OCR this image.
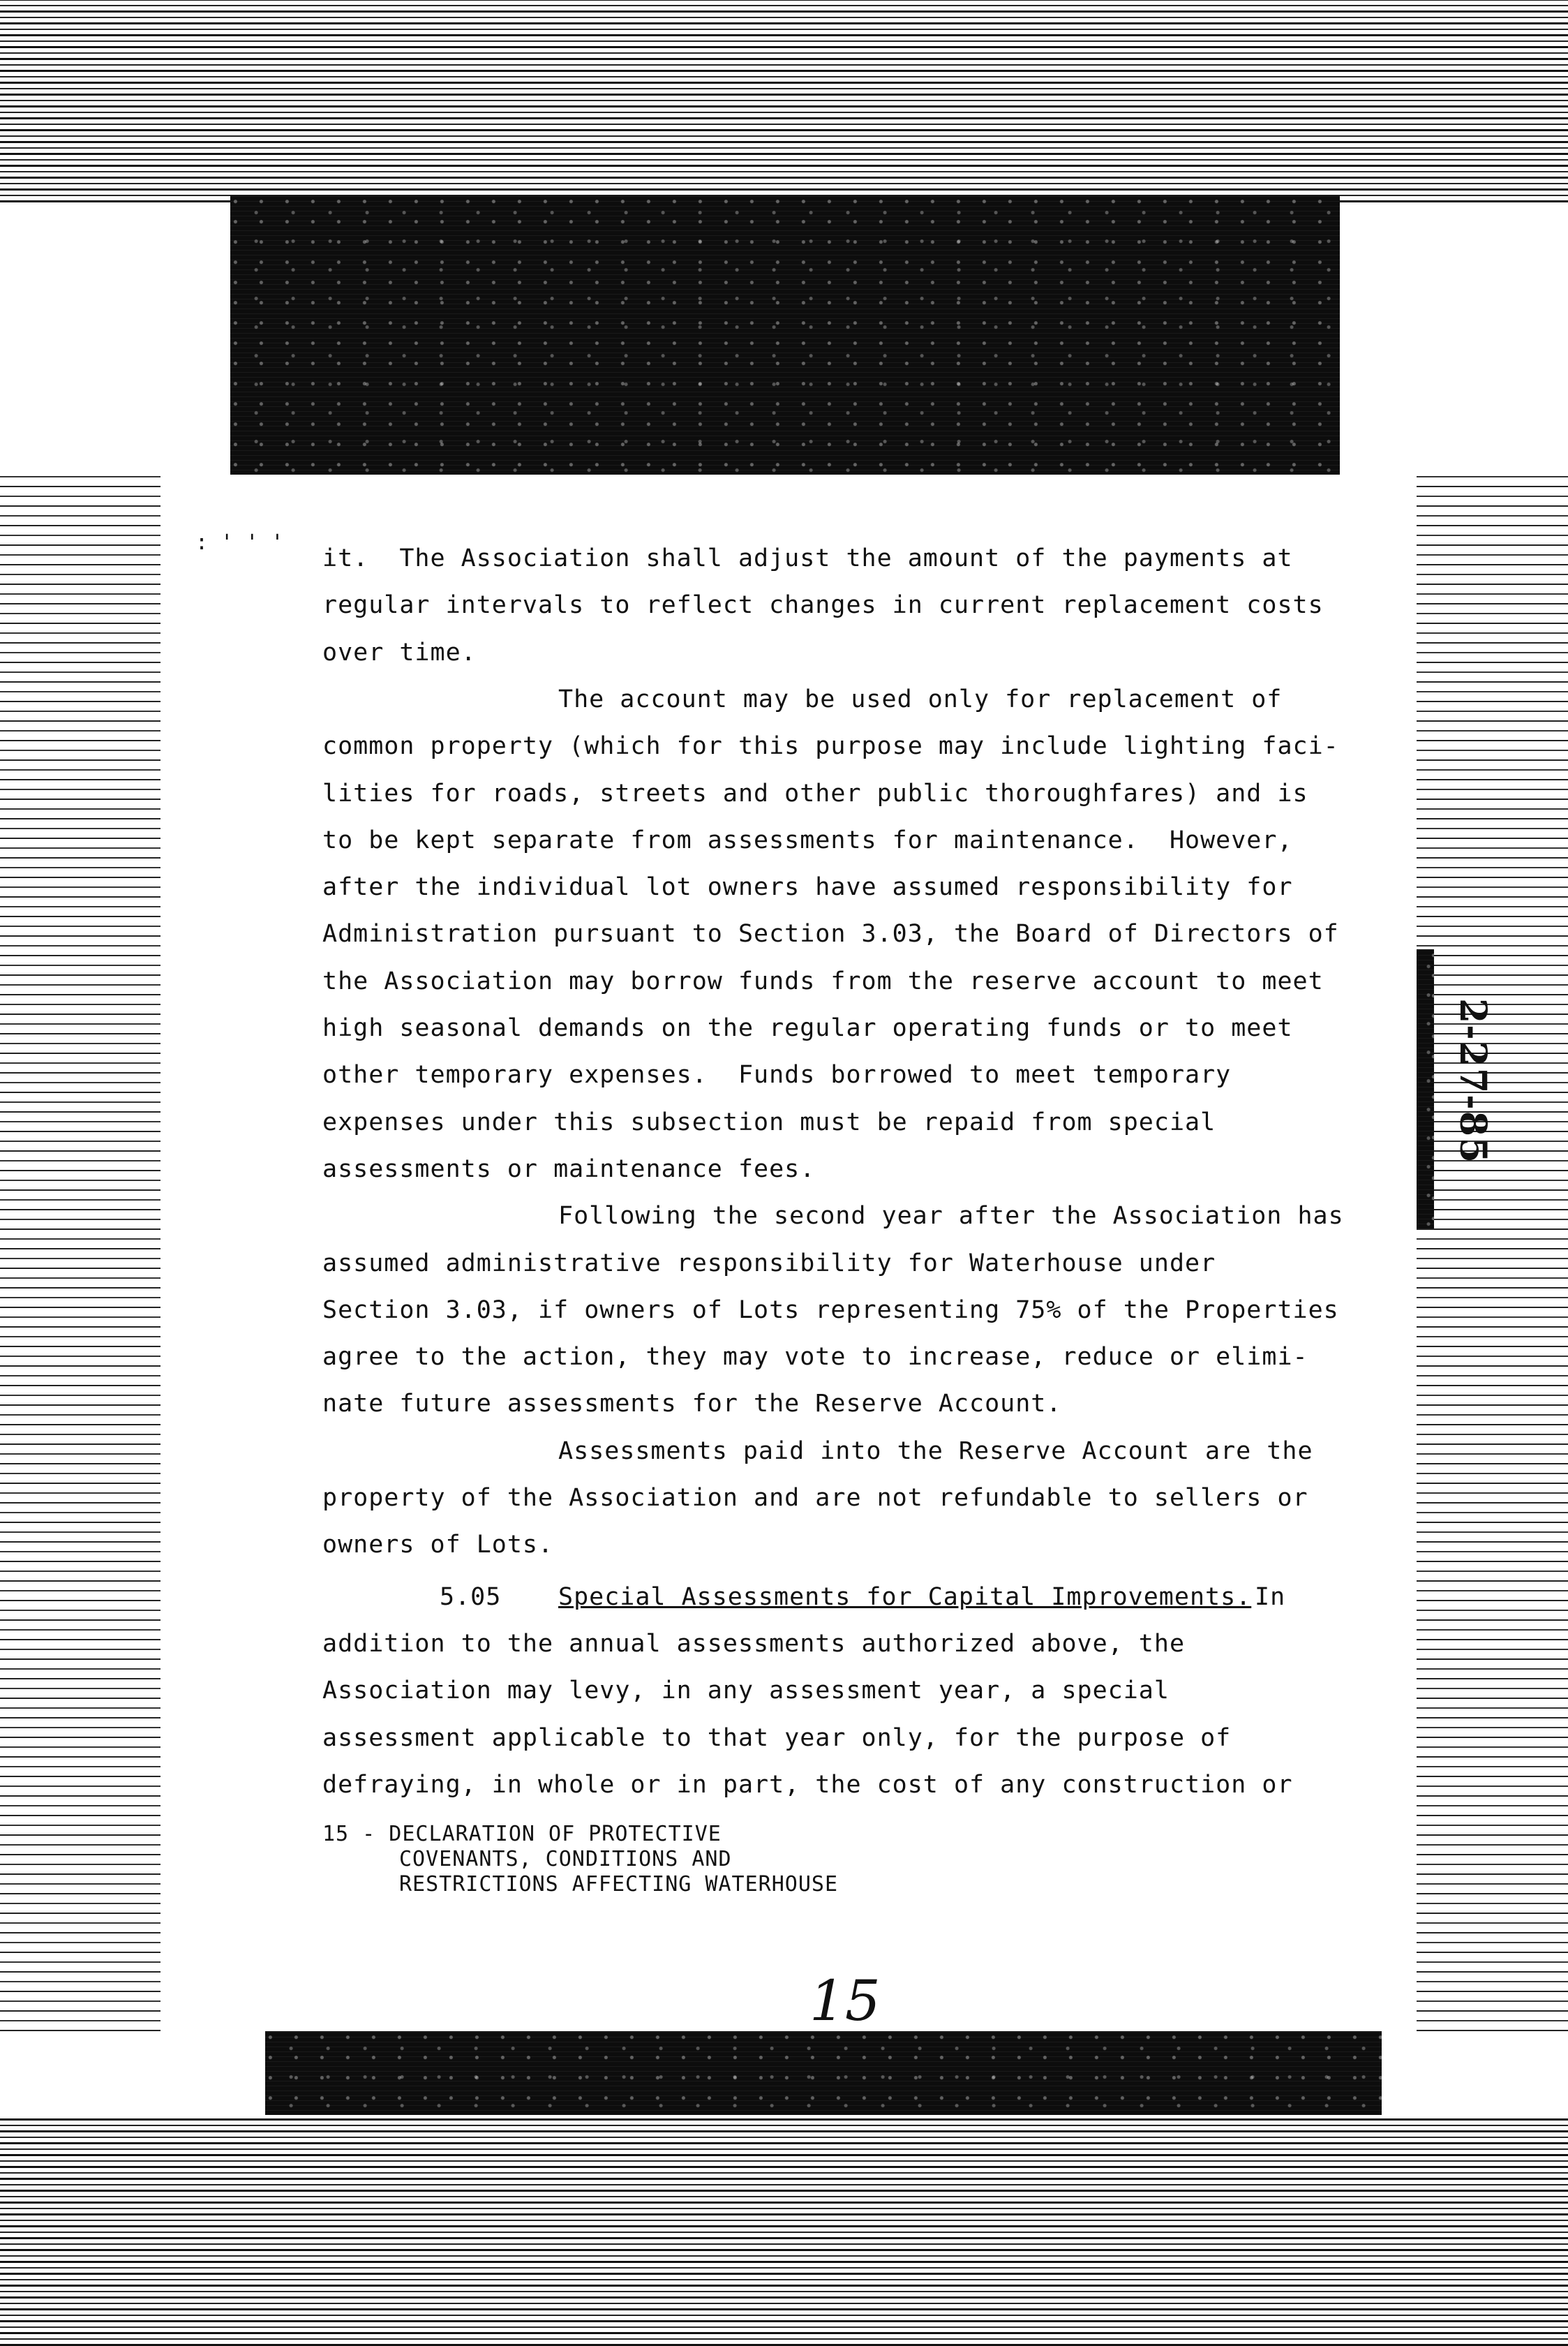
: ' ' '
it.  The Association shall adjust the amount of the payments at
regular intervals to reflect changes in current replacement costs
over time.
The account may be used only for replacement of
common property (which for this purpose may include lighting faci-
lities for roads, streets and other public thoroughfares) and is
to be kept separate from assessments for maintenance.  However,
after the individual lot owners have assumed responsibility for
Administration pursuant to Section 3.03, the Board of Directors of
the Association may borrow funds from the reserve account to meet
high seasonal demands on the regular operating funds or to meet
other temporary expenses.  Funds borrowed to meet temporary
expenses under this subsection must be repaid from special
assessments or maintenance fees.
Following the second year after the Association has
assumed administrative responsibility for Waterhouse under
Section 3.03, if owners of Lots representing 75% of the Properties
agree to the action, they may vote to increase, reduce or elimi-
nate future assessments for the Reserve Account.
Assessments paid into the Reserve Account are the
property of the Association and are not refundable to sellers or
owners of Lots.
5.05 Special Assessments for Capital Improvements. In
addition to the annual assessments authorized above, the
Association may levy, in any assessment year, a special
assessment applicable to that year only, for the purpose of
defraying, in whole or in part, the cost of any construction or
15 - DECLARATION OF PROTECTIVE
COVENANTS, CONDITIONS AND
RESTRICTIONS AFFECTING WATERHOUSE
15
2-27-85
